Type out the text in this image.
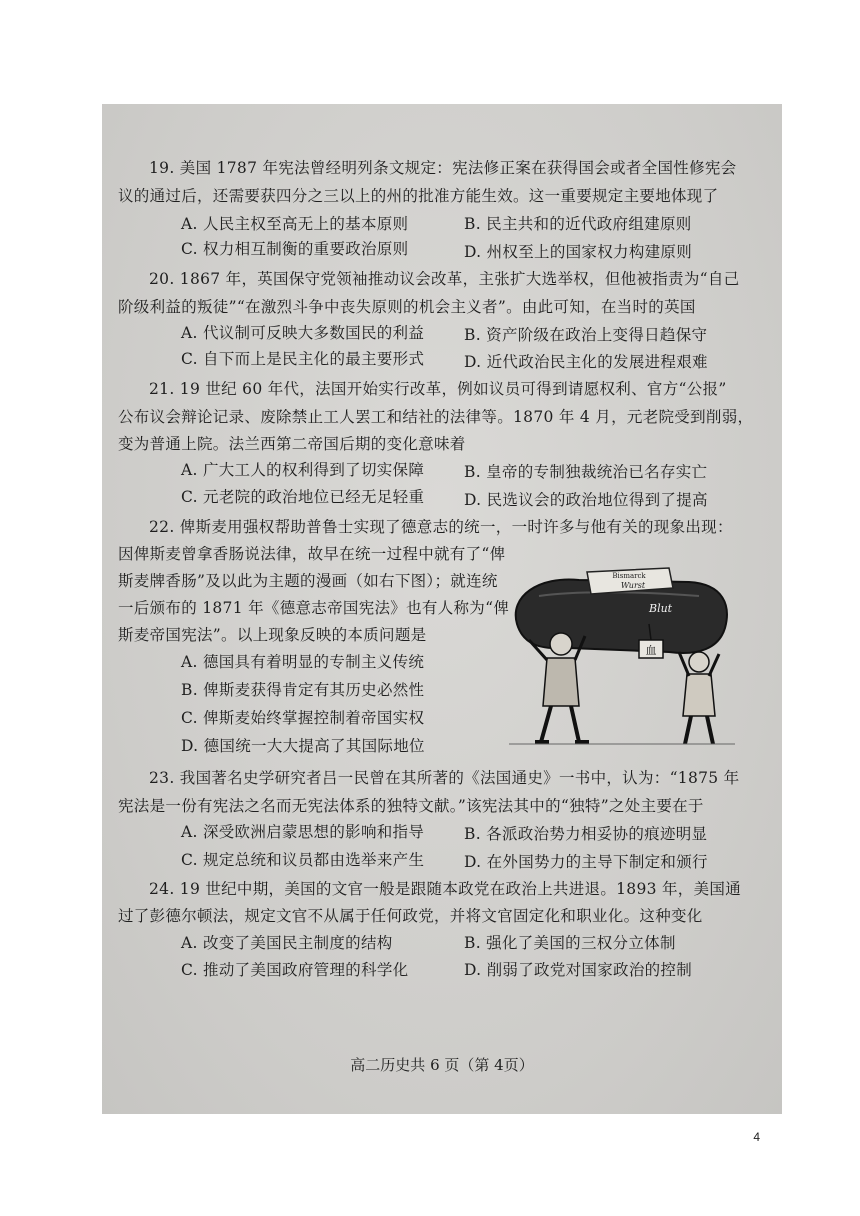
19. 美国 1787 年宪法曾经明列条文规定：宪法修正案在获得国会或者全国性修宪会
议的通过后，还需要获四分之三以上的州的批准方能生效。这一重要规定主要地体现了
A. 人民主权至高无上的基本原则	B. 民主共和的近代政府组建原则
C. 权力相互制衡的重要政治原则	D. 州权至上的国家权力构建原则
20. 1867 年，英国保守党领袖推动议会改革，主张扩大选举权，但他被指责为“自己
阶级利益的叛徒”“在激烈斗争中丧失原则的机会主义者”。由此可知，在当时的英国
A. 代议制可反映大多数国民的利益	B. 资产阶级在政治上变得日趋保守
C. 自下而上是民主化的最主要形式	D. 近代政治民主化的发展进程艰难
21. 19 世纪 60 年代，法国开始实行改革，例如议员可得到请愿权利、官方“公报”
公布议会辩论记录、废除禁止工人罢工和结社的法律等。1870 年 4 月，元老院受到削弱，
变为普通上院。法兰西第二帝国后期的变化意味着
A. 广大工人的权利得到了切实保障	B. 皇帝的专制独裁统治已名存实亡
C. 元老院的政治地位已经无足轻重	D. 民选议会的政治地位得到了提高
22. 俾斯麦用强权帮助普鲁士实现了德意志的统一，一时许多与他有关的现象出现：
因俾斯麦曾拿香肠说法律，故早在统一过程中就有了“俾
斯麦牌香肠”及以此为主题的漫画（如右下图）；就连统
一后颁布的 1871 年《德意志帝国宪法》也有人称为“俾
斯麦帝国宪法”。以上现象反映的本质问题是
A. 德国具有着明显的专制主义传统
B. 俾斯麦获得肯定有其历史必然性
C. 俾斯麦始终掌握控制着帝国实权
D. 德国统一大大提高了其国际地位
Bismarck
Wurst
Blut
血
23. 我国著名史学研究者吕一民曾在其所著的《法国通史》一书中，认为：“1875 年
宪法是一份有宪法之名而无宪法体系的独特文献。”该宪法其中的“独特”之处主要在于
A. 深受欧洲启蒙思想的影响和指导	B. 各派政治势力相妥协的痕迹明显
C. 规定总统和议员都由选举来产生	D. 在外国势力的主导下制定和颁行
24. 19 世纪中期，美国的文官一般是跟随本政党在政治上共进退。1893 年，美国通
过了彭德尔顿法，规定文官不从属于任何政党，并将文官固定化和职业化。这种变化
A. 改变了美国民主制度的结构	B. 强化了美国的三权分立体制
C. 推动了美国政府管理的科学化	D. 削弱了政党对国家政治的控制
高二历史共 6 页（第 4页）
4
